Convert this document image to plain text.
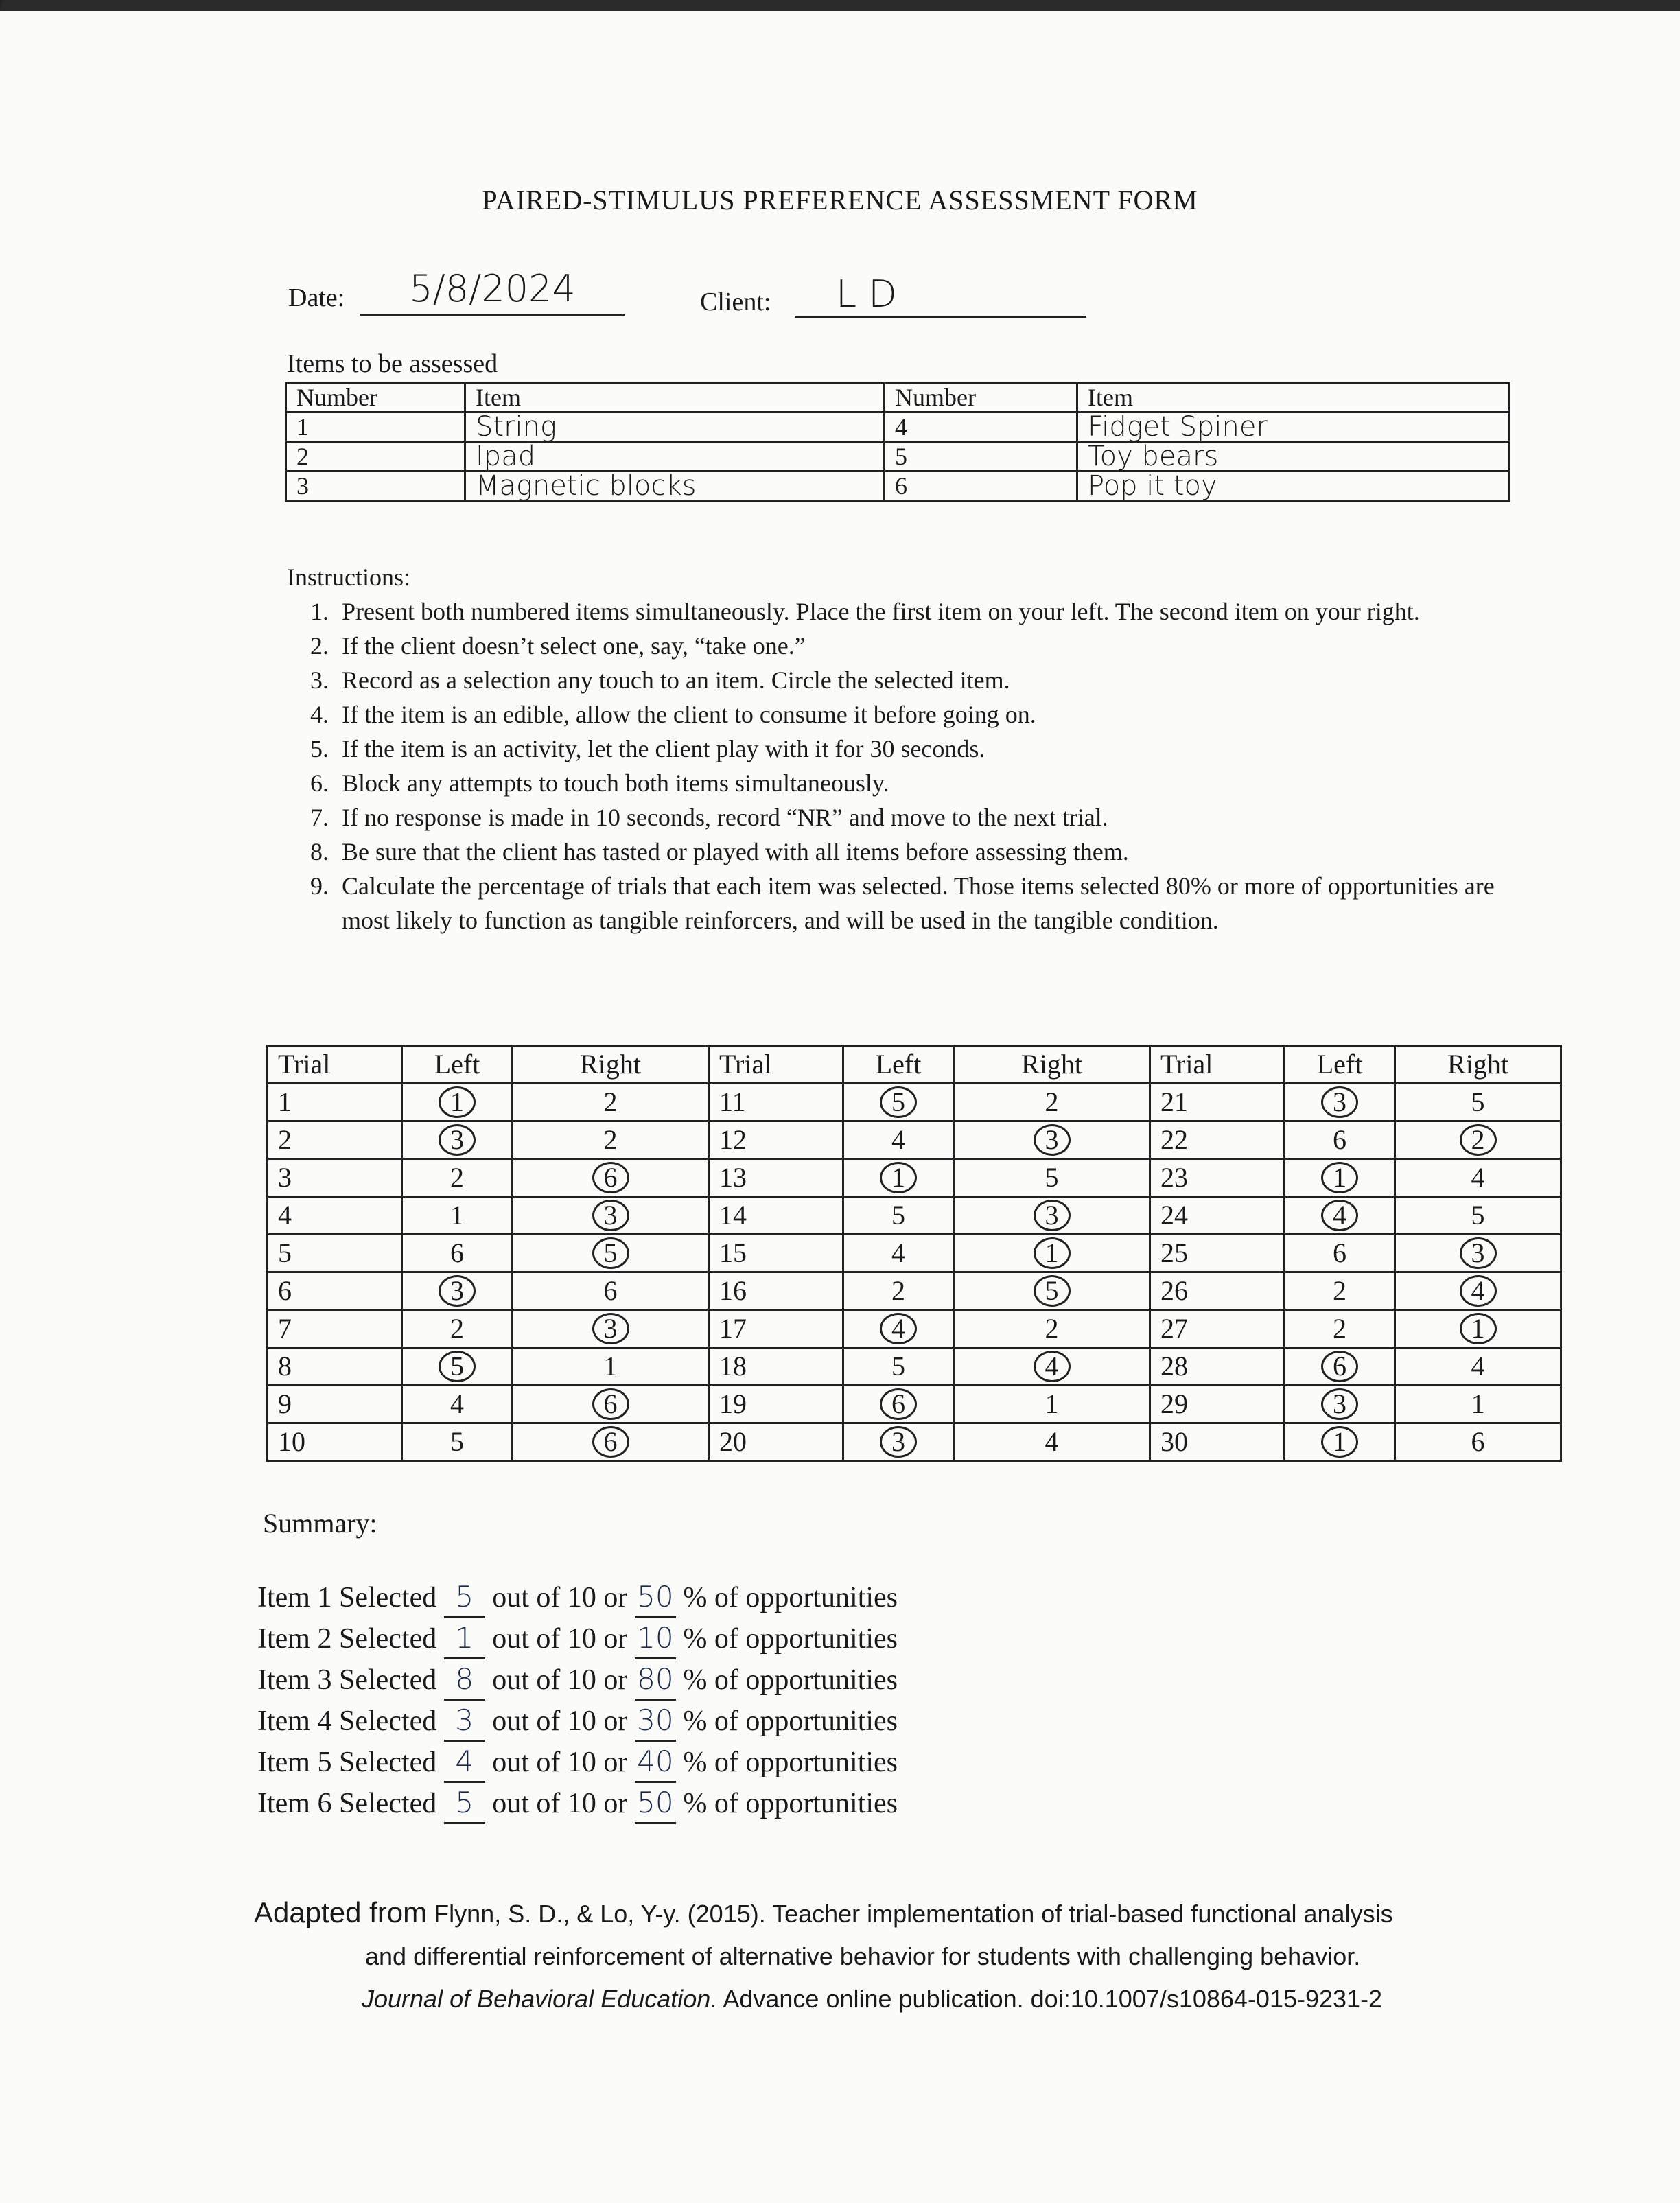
PAIRED-STIMULUS PREFERENCE ASSESSMENT FORM
Date:	5/8/2024	Client:	L D
Items to be assessed
Number	Item	Number	Item
1	String	4	Fidget Spiner
2	Ipad	5	Toy bears
3	Magnetic blocks	6	Pop it toy
Instructions:
1. Present both numbered items simultaneously. Place the first item on your left. The second item on your right.
2. If the client doesn’t select one, say, “take one.”
3. Record as a selection any touch to an item. Circle the selected item.
4. If the item is an edible, allow the client to consume it before going on.
5. If the item is an activity, let the client play with it for 30 seconds.
6. Block any attempts to touch both items simultaneously.
7. If no response is made in 10 seconds, record “NR” and move to the next trial.
8. Be sure that the client has tasted or played with all items before assessing them.
9. Calculate the percentage of trials that each item was selected. Those items selected 80% or more of opportunities are most likely to function as tangible reinforcers, and will be used in the tangible condition.
Trial	Left	Right	Trial	Left	Right	Trial	Left	Right
1	1	2	11	5	2	21	3	5
2	3	2	12	4	3	22	6	2
3	2	6	13	1	5	23	1	4
4	1	3	14	5	3	24	4	5
5	6	5	15	4	1	25	6	3
6	3	6	16	2	5	26	2	4
7	2	3	17	4	2	27	2	1
8	5	1	18	5	4	28	6	4
9	4	6	19	6	1	29	3	1
10	5	6	20	3	4	30	1	6
Summary:
Item 1 Selected 5 out of 10 or 50 % of opportunities
Item 2 Selected 1 out of 10 or 10 % of opportunities
Item 3 Selected 8 out of 10 or 80 % of opportunities
Item 4 Selected 3 out of 10 or 30 % of opportunities
Item 5 Selected 4 out of 10 or 40 % of opportunities
Item 6 Selected 5 out of 10 or 50 % of opportunities
Adapted from Flynn, S. D., & Lo, Y-y. (2015). Teacher implementation of trial-based functional analysis
and differential reinforcement of alternative behavior for students with challenging behavior.
Journal of Behavioral Education. Advance online publication. doi:10.1007/s10864-015-9231-2
